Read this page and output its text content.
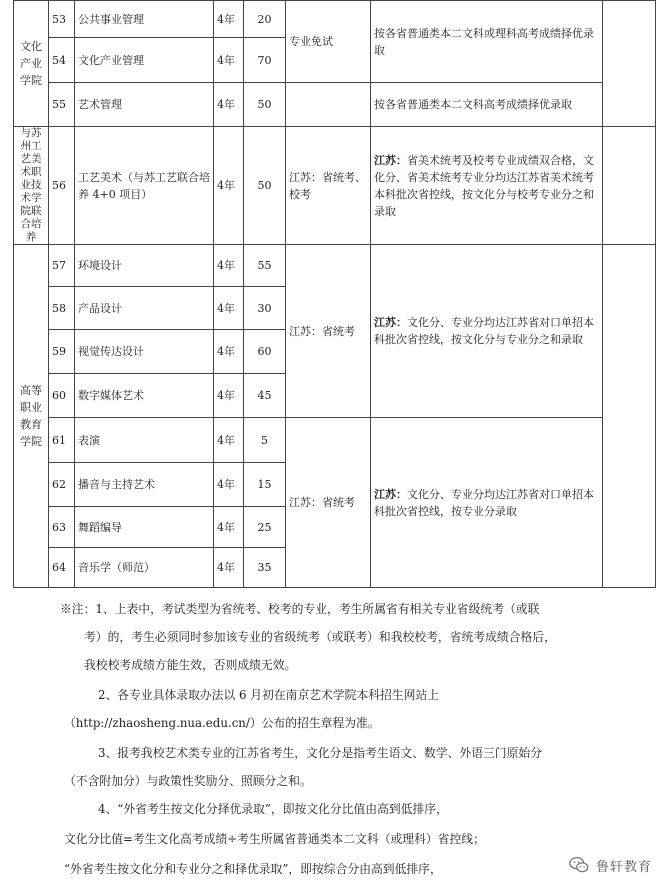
文化产业学院	53	公共事业管理	4年	20	专业免试	按各省普通类本二文科或理科高考成绩择优录取	
	54	文化产业管理	4年	70			
	55	艺术管理	4年	50		按各省普通类本二文科高考成绩择优录取	
与苏州工艺美术职业技术学院联合培养	56	工艺美术（与苏工艺联合培养 4+0 项目）	4年	50	江苏：省统考、校考	江苏：省美术统考及校考专业成绩双合格，文化分、省美术统考专业分均达江苏省美术统考本科批次省控线，按文化分与校考专业分之和录取	
高等职业教育学院	57	环境设计	4年	55	江苏：省统考	江苏：文化分、专业分均达江苏省对口单招本科批次省控线，按文化分与专业分之和录取	
	58	产品设计	4年	30			
	59	视觉传达设计	4年	60			
	60	数字媒体艺术	4年	45			
	61	表演	4年	5	江苏：省统考	江苏：文化分、专业分均达江苏省对口单招本科批次省控线，按专业分录取	
	62	播音与主持艺术	4年	15			
	63	舞蹈编导	4年	25			
	64	音乐学（师范）	4年	35			
※注：1、上表中，考试类型为省统考、校考的专业，考生所属省有相关专业省级统考（或联
考）的，考生必须同时参加该专业的省级统考（或联考）和我校校考，省统考成绩合格后，
我校校考成绩方能生效，否则成绩无效。
2、各专业具体录取办法以 6 月初在南京艺术学院本科招生网站上
（http://zhaosheng.nua.edu.cn/）公布的招生章程为准。
3、报考我校艺术类专业的江苏省考生，文化分是指考生语文、数学、外语三门原始分
（不含附加分）与政策性奖励分、照顾分之和。
4、“外省考生按文化分择优录取”，即按文化分比值由高到低排序，
文化分比值=考生文化高考成绩÷考生所属省普通类本二文科（或理科）省控线；
“外省考生按文化分和专业分之和择优录取”，即按综合分由高到低排序，	鲁轩教育
